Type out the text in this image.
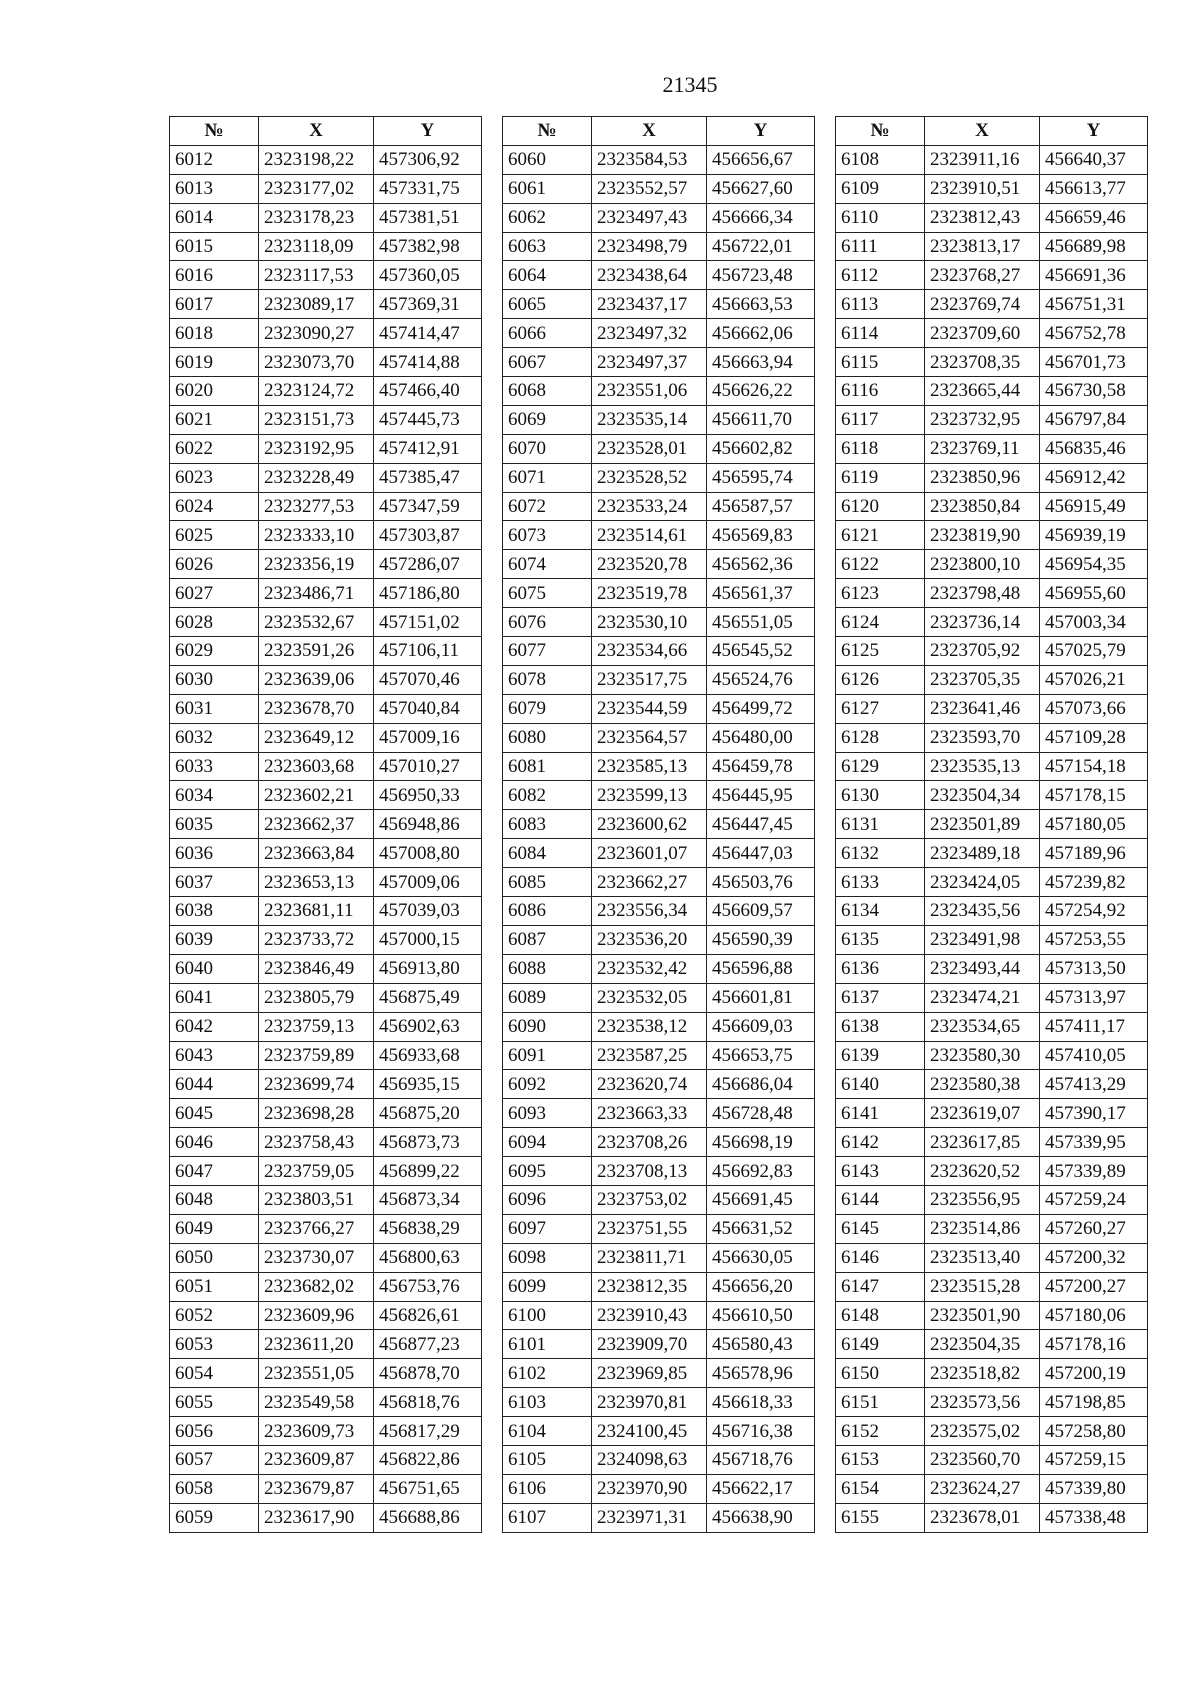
21345
№	X	Y
6012	2323198,22	457306,92
6013	2323177,02	457331,75
6014	2323178,23	457381,51
6015	2323118,09	457382,98
6016	2323117,53	457360,05
6017	2323089,17	457369,31
6018	2323090,27	457414,47
6019	2323073,70	457414,88
6020	2323124,72	457466,40
6021	2323151,73	457445,73
6022	2323192,95	457412,91
6023	2323228,49	457385,47
6024	2323277,53	457347,59
6025	2323333,10	457303,87
6026	2323356,19	457286,07
6027	2323486,71	457186,80
6028	2323532,67	457151,02
6029	2323591,26	457106,11
6030	2323639,06	457070,46
6031	2323678,70	457040,84
6032	2323649,12	457009,16
6033	2323603,68	457010,27
6034	2323602,21	456950,33
6035	2323662,37	456948,86
6036	2323663,84	457008,80
6037	2323653,13	457009,06
6038	2323681,11	457039,03
6039	2323733,72	457000,15
6040	2323846,49	456913,80
6041	2323805,79	456875,49
6042	2323759,13	456902,63
6043	2323759,89	456933,68
6044	2323699,74	456935,15
6045	2323698,28	456875,20
6046	2323758,43	456873,73
6047	2323759,05	456899,22
6048	2323803,51	456873,34
6049	2323766,27	456838,29
6050	2323730,07	456800,63
6051	2323682,02	456753,76
6052	2323609,96	456826,61
6053	2323611,20	456877,23
6054	2323551,05	456878,70
6055	2323549,58	456818,76
6056	2323609,73	456817,29
6057	2323609,87	456822,86
6058	2323679,87	456751,65
6059	2323617,90	456688,86
№	X	Y
6060	2323584,53	456656,67
6061	2323552,57	456627,60
6062	2323497,43	456666,34
6063	2323498,79	456722,01
6064	2323438,64	456723,48
6065	2323437,17	456663,53
6066	2323497,32	456662,06
6067	2323497,37	456663,94
6068	2323551,06	456626,22
6069	2323535,14	456611,70
6070	2323528,01	456602,82
6071	2323528,52	456595,74
6072	2323533,24	456587,57
6073	2323514,61	456569,83
6074	2323520,78	456562,36
6075	2323519,78	456561,37
6076	2323530,10	456551,05
6077	2323534,66	456545,52
6078	2323517,75	456524,76
6079	2323544,59	456499,72
6080	2323564,57	456480,00
6081	2323585,13	456459,78
6082	2323599,13	456445,95
6083	2323600,62	456447,45
6084	2323601,07	456447,03
6085	2323662,27	456503,76
6086	2323556,34	456609,57
6087	2323536,20	456590,39
6088	2323532,42	456596,88
6089	2323532,05	456601,81
6090	2323538,12	456609,03
6091	2323587,25	456653,75
6092	2323620,74	456686,04
6093	2323663,33	456728,48
6094	2323708,26	456698,19
6095	2323708,13	456692,83
6096	2323753,02	456691,45
6097	2323751,55	456631,52
6098	2323811,71	456630,05
6099	2323812,35	456656,20
6100	2323910,43	456610,50
6101	2323909,70	456580,43
6102	2323969,85	456578,96
6103	2323970,81	456618,33
6104	2324100,45	456716,38
6105	2324098,63	456718,76
6106	2323970,90	456622,17
6107	2323971,31	456638,90
№	X	Y
6108	2323911,16	456640,37
6109	2323910,51	456613,77
6110	2323812,43	456659,46
6111	2323813,17	456689,98
6112	2323768,27	456691,36
6113	2323769,74	456751,31
6114	2323709,60	456752,78
6115	2323708,35	456701,73
6116	2323665,44	456730,58
6117	2323732,95	456797,84
6118	2323769,11	456835,46
6119	2323850,96	456912,42
6120	2323850,84	456915,49
6121	2323819,90	456939,19
6122	2323800,10	456954,35
6123	2323798,48	456955,60
6124	2323736,14	457003,34
6125	2323705,92	457025,79
6126	2323705,35	457026,21
6127	2323641,46	457073,66
6128	2323593,70	457109,28
6129	2323535,13	457154,18
6130	2323504,34	457178,15
6131	2323501,89	457180,05
6132	2323489,18	457189,96
6133	2323424,05	457239,82
6134	2323435,56	457254,92
6135	2323491,98	457253,55
6136	2323493,44	457313,50
6137	2323474,21	457313,97
6138	2323534,65	457411,17
6139	2323580,30	457410,05
6140	2323580,38	457413,29
6141	2323619,07	457390,17
6142	2323617,85	457339,95
6143	2323620,52	457339,89
6144	2323556,95	457259,24
6145	2323514,86	457260,27
6146	2323513,40	457200,32
6147	2323515,28	457200,27
6148	2323501,90	457180,06
6149	2323504,35	457178,16
6150	2323518,82	457200,19
6151	2323573,56	457198,85
6152	2323575,02	457258,80
6153	2323560,70	457259,15
6154	2323624,27	457339,80
6155	2323678,01	457338,48
